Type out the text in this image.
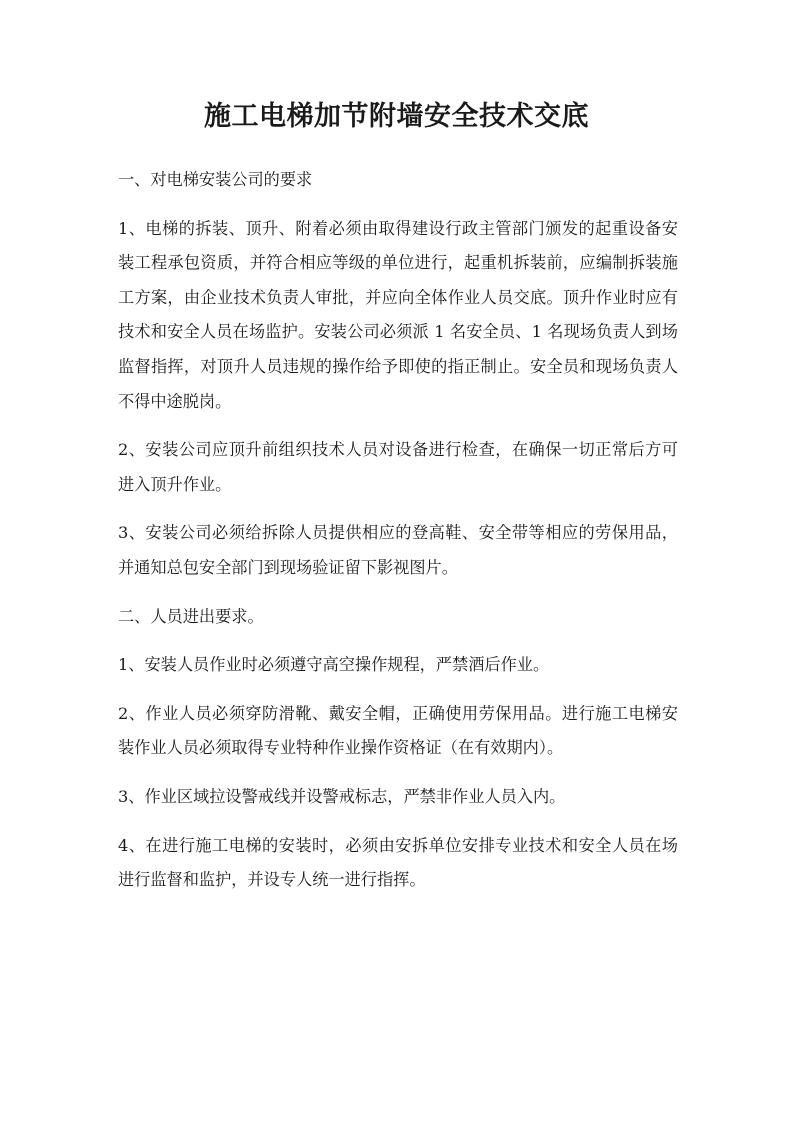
施工电梯加节附墙安全技术交底

一、对电梯安装公司的要求

1、电梯的拆装、顶升、附着必须由取得建设行政主管部门颁发的起重设备安装工程承包资质，并符合相应等级的单位进行，起重机拆装前，应编制拆装施工方案，由企业技术负责人审批，并应向全体作业人员交底。顶升作业时应有技术和安全人员在场监护。安装公司必须派 1 名安全员、1 名现场负责人到场监督指挥，对顶升人员违规的操作给予即使的指正制止。安全员和现场负责人不得中途脱岗。

2、安装公司应顶升前组织技术人员对设备进行检查，在确保一切正常后方可进入顶升作业。

3、安装公司必须给拆除人员提供相应的登高鞋、安全带等相应的劳保用品，并通知总包安全部门到现场验证留下影视图片。

二、人员进出要求。

1、安装人员作业时必须遵守高空操作规程，严禁酒后作业。

2、作业人员必须穿防滑靴、戴安全帽，正确使用劳保用品。进行施工电梯安装作业人员必须取得专业特种作业操作资格证（在有效期内）。

3、作业区域拉设警戒线并设警戒标志，严禁非作业人员入内。

4、在进行施工电梯的安装时，必须由安拆单位安排专业技术和安全人员在场进行监督和监护，并设专人统一进行指挥。
